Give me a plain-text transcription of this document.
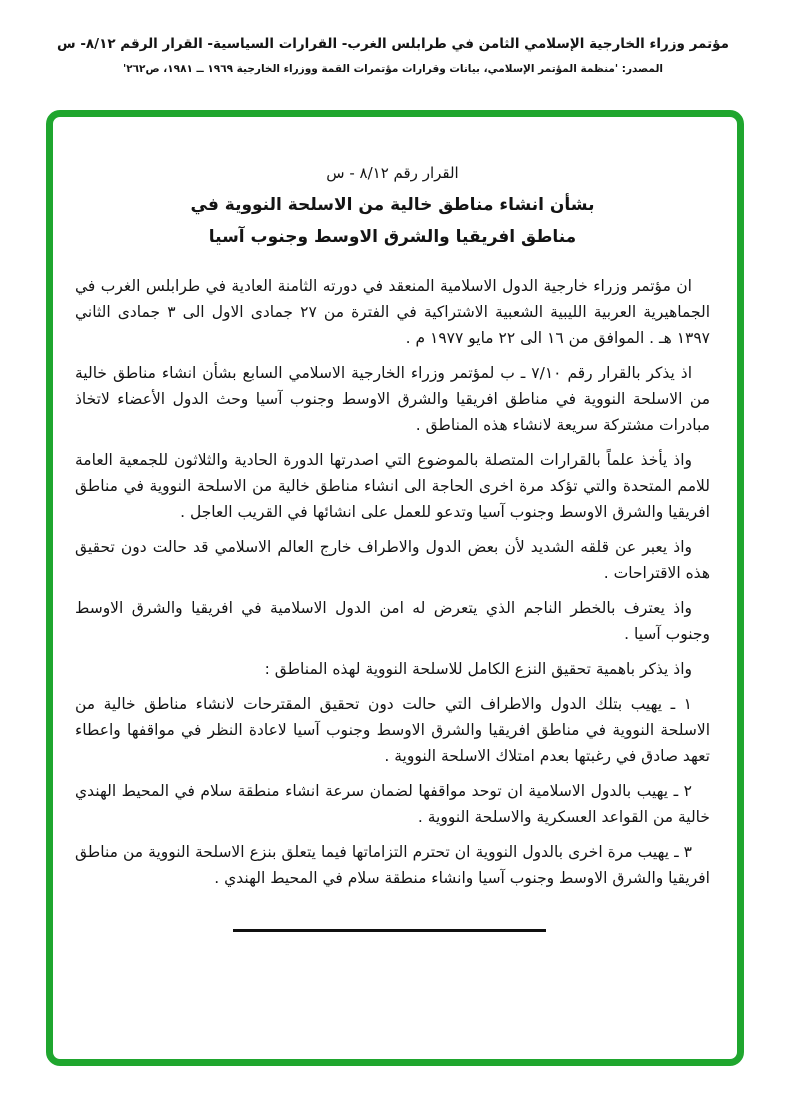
مؤتمر وزراء الخارجية الإسلامي الثامن في طرابلس الغرب- القرارات السياسية- القرار الرقم ٨/١٢- س
المصدر: 'منظمة المؤتمر الإسلامي، بيانات وقرارات مؤتمرات القمة ووزراء الخارجية ١٩٦٩ ــ ١٩٨١، ص٢٦٢'
القرار رقم ٨/١٢ - س
بشأن انشاء مناطق خالية من الاسلحة النووية في
مناطق افريقيا والشرق الاوسط وجنوب آسيا

ان مؤتمر وزراء خارجية الدول الاسلامية المنعقد في دورته الثامنة العادية في طرابلس الغرب في الجماهيرية العربية الليبية الشعبية الاشتراكية في الفترة من ٢٧ جمادى الاول الى ٣ جمادى الثاني ١٣٩٧ هـ . الموافق من ١٦ الى ٢٢ مايو ١٩٧٧ م .

اذ يذكر بالقرار رقم ٧/١٠ ـ ب لمؤتمر وزراء الخارجية الاسلامي السابع بشأن انشاء مناطق خالية من الاسلحة النووية في مناطق افريقيا والشرق الاوسط وجنوب آسيا وحث الدول الأعضاء لاتخاذ مبادرات مشتركة سريعة لانشاء هذه المناطق .

واذ يأخذ علماً بالقرارات المتصلة بالموضوع التي اصدرتها الدورة الحادية والثلاثون للجمعية العامة للامم المتحدة والتي تؤكد مرة اخرى الحاجة الى انشاء مناطق خالية من الاسلحة النووية في مناطق افريقيا والشرق الاوسط وجنوب آسيا وتدعو للعمل على انشائها في القريب العاجل .

واذ يعبر عن قلقه الشديد لأن بعض الدول والاطراف خارج العالم الاسلامي قد حالت دون تحقيق هذه الاقتراحات .

واذ يعترف بالخطر الناجم الذي يتعرض له امن الدول الاسلامية في افريقيا والشرق الاوسط وجنوب آسيا .

واذ يذكر باهمية تحقيق النزع الكامل للاسلحة النووية لهذه المناطق :

١ ـ يهيب بتلك الدول والاطراف التي حالت دون تحقيق المقترحات لانشاء مناطق خالية من الاسلحة النووية في مناطق افريقيا والشرق الاوسط وجنوب آسيا لاعادة النظر في مواقفها واعطاء تعهد صادق في رغبتها بعدم امتلاك الاسلحة النووية .

٢ ـ يهيب بالدول الاسلامية ان توحد مواقفها لضمان سرعة انشاء منطقة سلام في المحيط الهندي خالية من القواعد العسكرية والاسلحة النووية .

٣ ـ يهيب مرة اخرى بالدول النووية ان تحترم التزاماتها فيما يتعلق بنزع الاسلحة النووية من مناطق افريقيا والشرق الاوسط وجنوب آسيا وانشاء منطقة سلام في المحيط الهندي .
